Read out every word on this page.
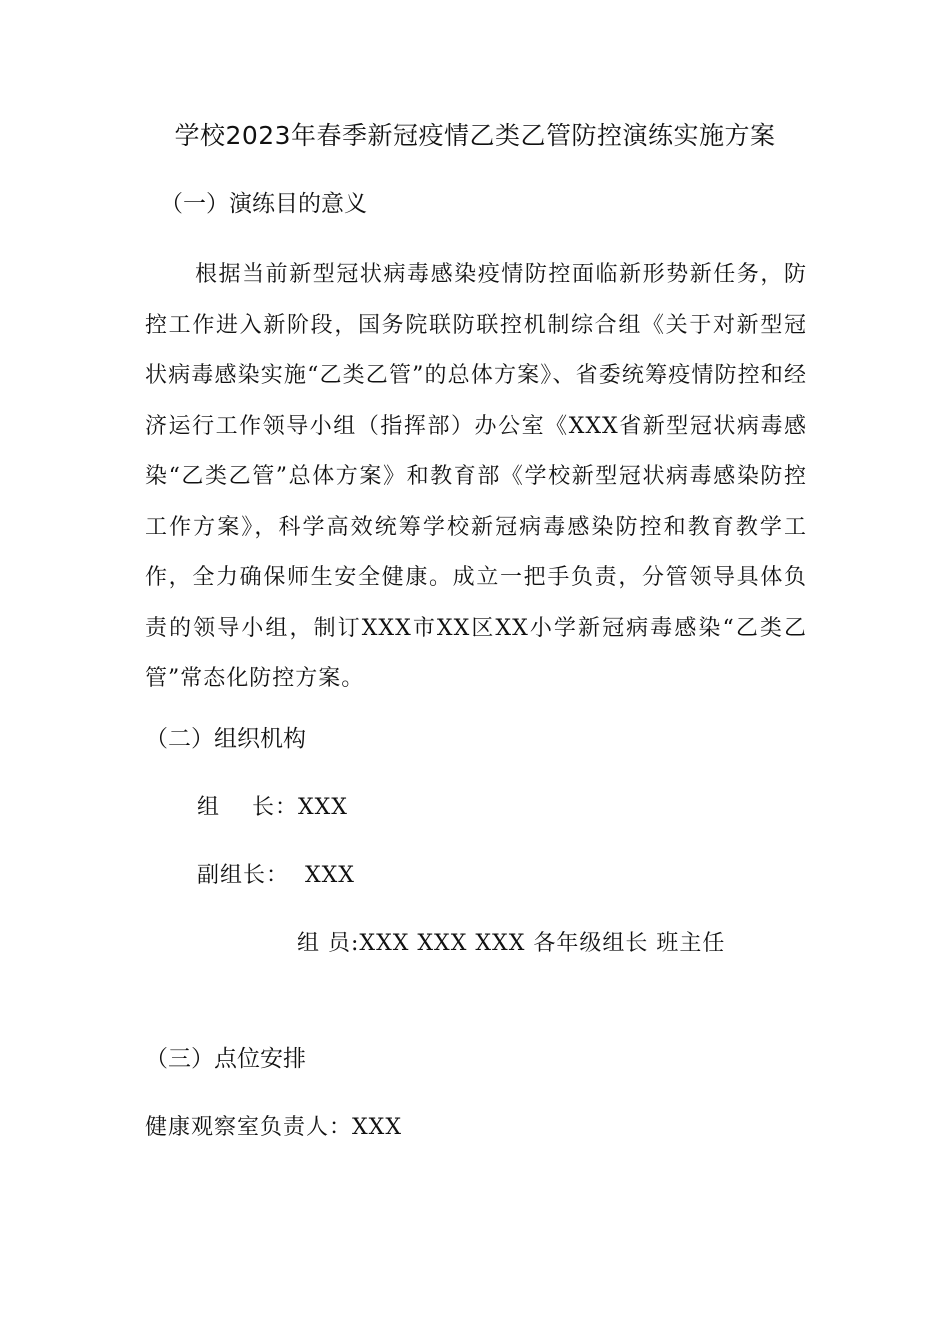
学校2023年春季新冠疫情乙类乙管防控演练实施方案
（一）演练目的意义
根据当前新型冠状病毒感染疫情防控面临新形势新任务，防控工作进入新阶段，国务院联防联控机制综合组《关于对新型冠状病毒感染实施“乙类乙管”的总体方案》、省委统筹疫情防控和经济运行工作领导小组（指挥部）办公室《XXX省新型冠状病毒感染“乙类乙管”总体方案》和教育部《学校新型冠状病毒感染防控工作方案》，科学高效统筹学校新冠病毒感染防控和教育教学工作，全力确保师生安全健康。成立一把手负责，分管领导具体负责的领导小组，制订XXX市XX区XX小学新冠病毒感染“乙类乙管”常态化防控方案。
（二）组织机构
组    长：XXX
副组长：  XXX
组 员:XXX XXX XXX 各年级组长 班主任
（三）点位安排
健康观察室负责人：XXX
